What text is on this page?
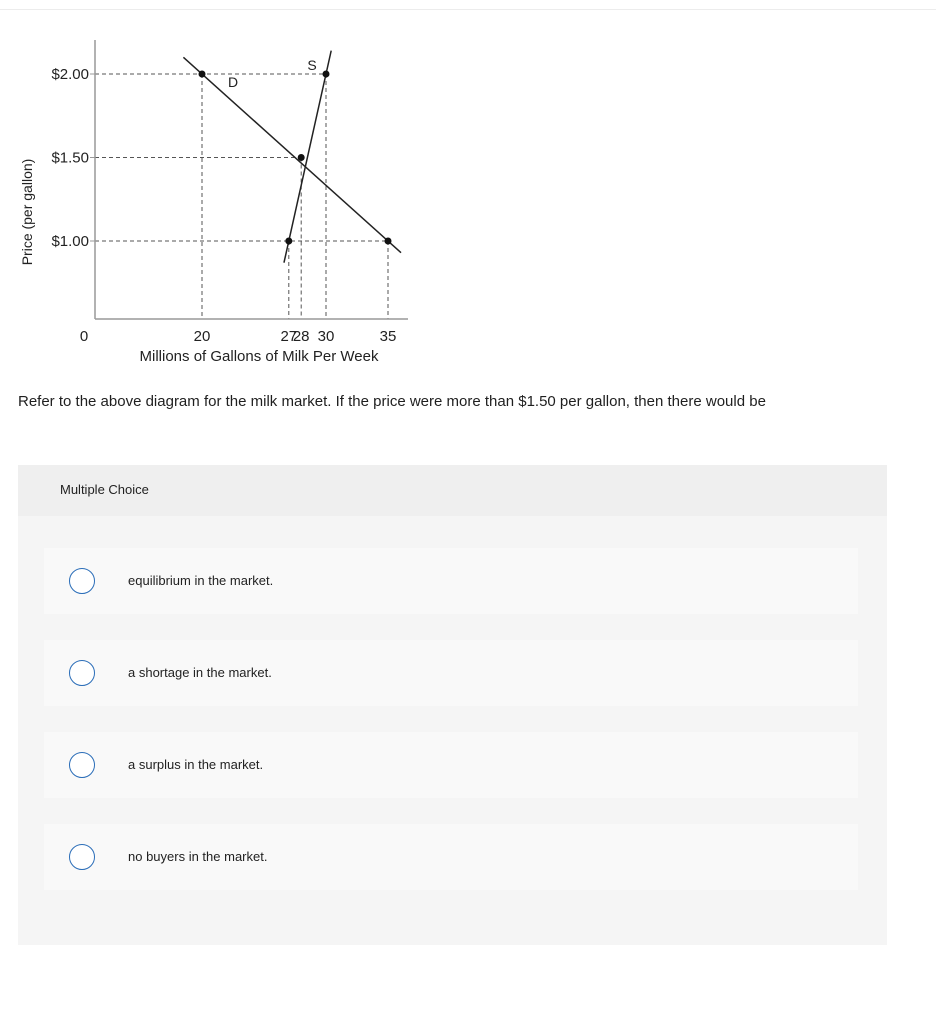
Price (per gallon)
Millions of Gallons of Milk Per Week
0
$1.00
$1.50
$2.00
20	27
28 30	35
D
S
Refer to the above diagram for the milk market. If the price were more than $1.50 per gallon, then there would be
Multiple Choice
equilibrium in the market.
a shortage in the market.
a surplus in the market.
no buyers in the market.
